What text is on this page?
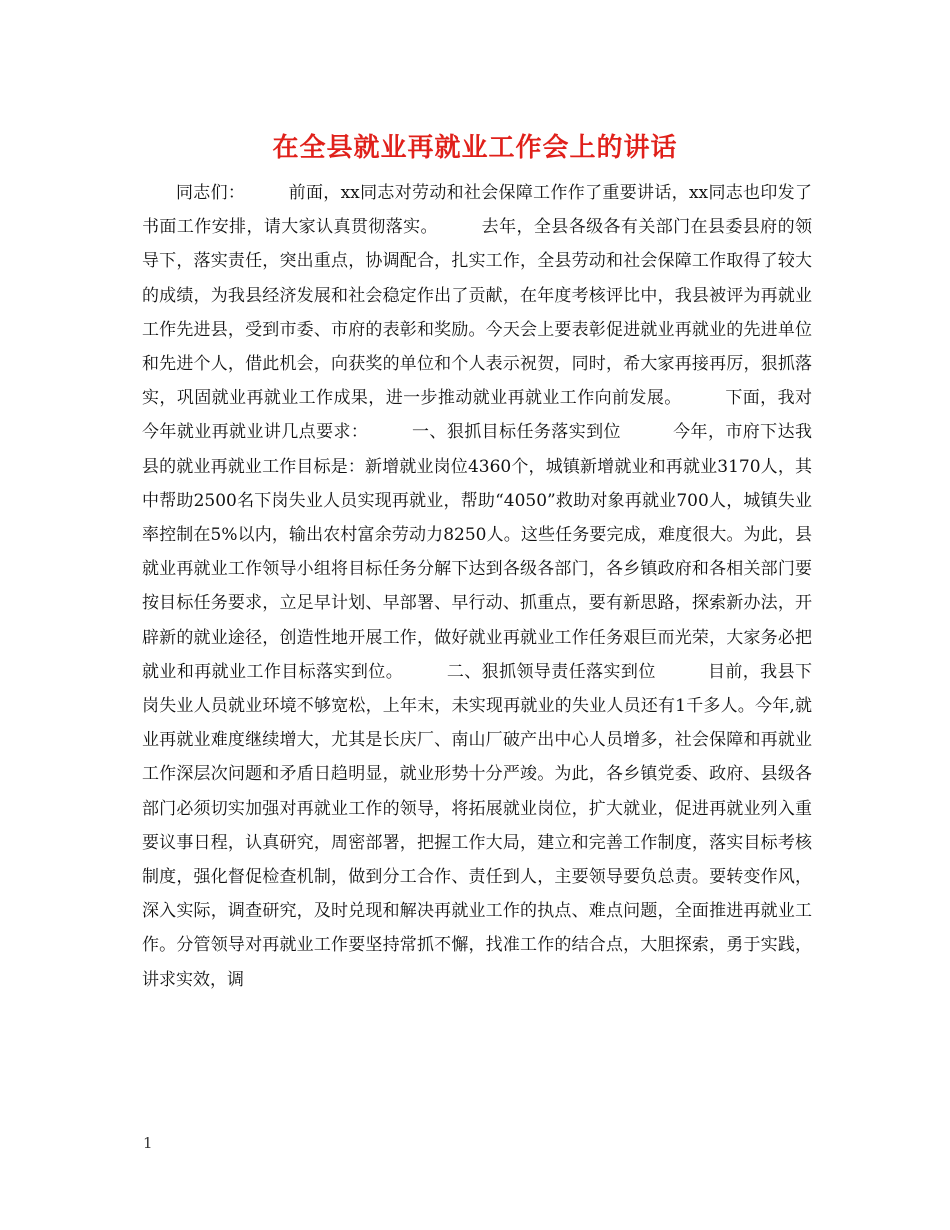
在全县就业再就业工作会上的讲话

同志们：　　　前面，xx同志对劳动和社会保障工作作了重要讲话，xx同志也印发了书面工作安排，请大家认真贯彻落实。　　　去年，全县各级各有关部门在县委县府的领导下，落实责任，突出重点，协调配合，扎实工作，全县劳动和社会保障工作取得了较大的成绩，为我县经济发展和社会稳定作出了贡献，在年度考核评比中，我县被评为再就业工作先进县，受到市委、市府的表彰和奖励。今天会上要表彰促进就业再就业的先进单位和先进个人，借此机会，向获奖的单位和个人表示祝贺，同时，希大家再接再厉，狠抓落实，巩固就业再就业工作成果，进一步推动就业再就业工作向前发展。　　　下面，我对今年就业再就业讲几点要求：　　　一、狠抓目标任务落实到位　　　今年，市府下达我县的就业再就业工作目标是：新增就业岗位4360个，城镇新增就业和再就业3170人，其中帮助2500名下岗失业人员实现再就业，帮助“4050”救助对象再就业700人，城镇失业率控制在5%以内，输出农村富余劳动力8250人。这些任务要完成，难度很大。为此，县就业再就业工作领导小组将目标任务分解下达到各级各部门，各乡镇政府和各相关部门要按目标任务要求，立足早计划、早部署、早行动、抓重点，要有新思路，探索新办法，开辟新的就业途径，创造性地开展工作，做好就业再就业工作任务艰巨而光荣，大家务必把就业和再就业工作目标落实到位。　　　二、狠抓领导责任落实到位　　　目前，我县下岗失业人员就业环境不够宽松，上年末，未实现再就业的失业人员还有1千多人。今年,就业再就业难度继续增大，尤其是长庆厂、南山厂破产出中心人员增多，社会保障和再就业工作深层次问题和矛盾日趋明显，就业形势十分严竣。为此，各乡镇党委、政府、县级各部门必须切实加强对再就业工作的领导，将拓展就业岗位，扩大就业，促进再就业列入重要议事日程，认真研究，周密部署，把握工作大局，建立和完善工作制度，落实目标考核制度，强化督促检查机制，做到分工合作、责任到人，主要领导要负总责。要转变作风，深入实际，调查研究，及时兑现和解决再就业工作的执点、难点问题，全面推进再就业工作。分管领导对再就业工作要坚持常抓不懈，找准工作的结合点，大胆探索，勇于实践，讲求实效，调

1
